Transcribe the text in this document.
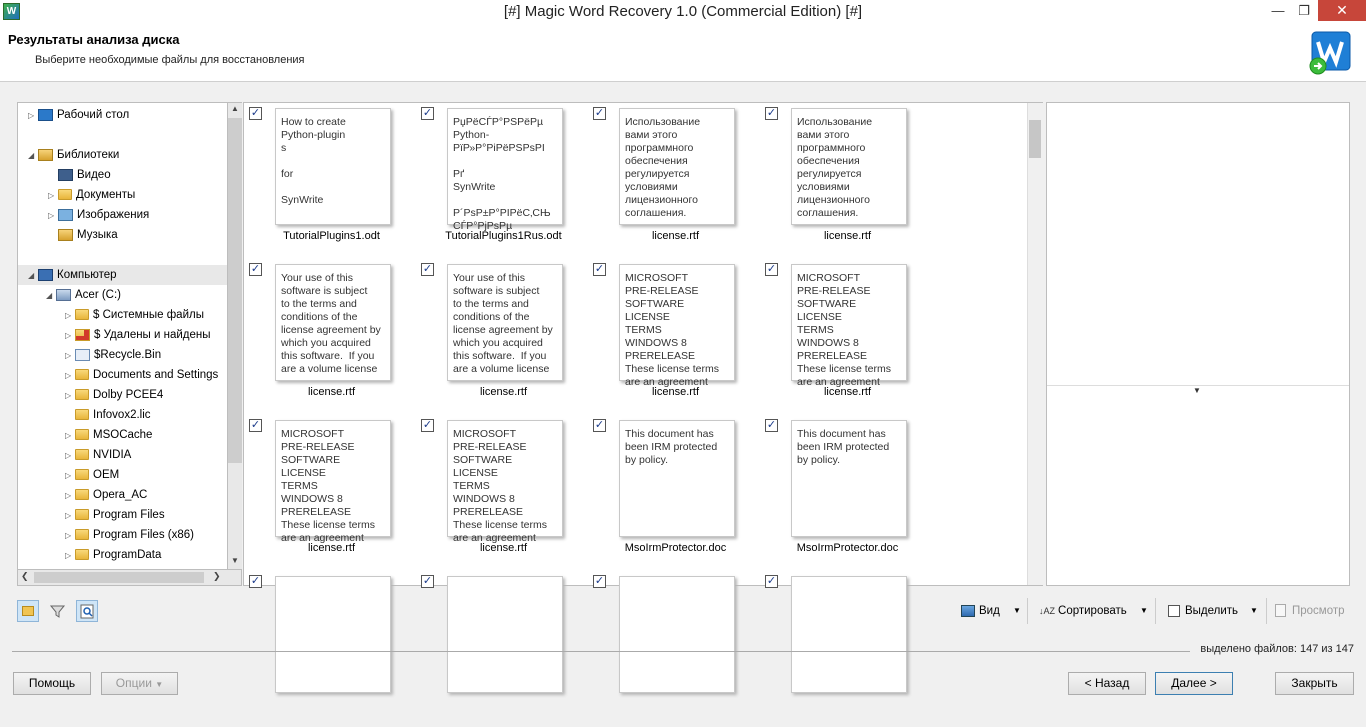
W	[#] Magic Word Recovery 1.0 (Commercial Edition) [#]	—	❐	✕
Результаты анализа диска
Выберите необходимые файлы для восстановления
▷ Рабочий стол
◢ Библиотеки
Видео
▷ Документы
▷ Изображения
Музыка
◢ Компьютер
◢ Acer (C:)
▷ $ Системные файлы
▷ $ Удалены и найдены
▷ $Recycle.Bin
▷ Documents and Settings
▷ Dolby PCEE4
Infovox2.lic
▷ MSOCache
▷ NVIDIA
▷ OEM
▷ Opera_AC
▷ Program Files
▷ Program Files (x86)
▷ ProgramData
▲
▼
❮	❯
✓
How to create
Python-plugin
s

for

SynWrite
TutorialPlugins1.odt
✓
РџРёСЃР°РЅРёРµ
Python-РїР»Р°РіРёРЅРѕРІ

Рґ
SynWrite

Р´РѕР±Р°РІРёС‚СЊ
СЃР°РјРѕРµ
TutorialPlugins1Rus.odt
✓
Использование
вами этого
программного
обеспечения
регулируется
условиями
лицензионного
соглашения.
license.rtf
✓
Использование
вами этого
программного
обеспечения
регулируется
условиями
лицензионного
соглашения.
license.rtf
✓
Your use of this
software is subject
to the terms and
conditions of the
license agreement by
which you acquired
this software.  If you
are a volume license
license.rtf
✓
Your use of this
software is subject
to the terms and
conditions of the
license agreement by
which you acquired
this software.  If you
are a volume license
license.rtf
✓
MICROSOFT
PRE-RELEASE
SOFTWARE LICENSE
TERMS
WINDOWS 8
PRERELEASE
These license terms
are an agreement
license.rtf
✓
MICROSOFT
PRE-RELEASE
SOFTWARE LICENSE
TERMS
WINDOWS 8
PRERELEASE
These license terms
are an agreement
license.rtf
✓
MICROSOFT
PRE-RELEASE
SOFTWARE LICENSE
TERMS
WINDOWS 8
PRERELEASE
These license terms
are an agreement
license.rtf
✓
MICROSOFT
PRE-RELEASE
SOFTWARE LICENSE
TERMS
WINDOWS 8
PRERELEASE
These license terms
are an agreement
license.rtf
✓
This document has
been IRM protected
by policy.
MsoIrmProtector.doc
✓
This document has
been IRM protected
by policy.
MsoIrmProtector.doc
✓	✓	✓	✓
▼
Вид ▼ ↓AZ Сортировать ▼	Выделить ▼	Просмотр
выделено файлов: 147 из 147
Помощь	Опции ▼	< Назад	Далее >	Закрыть
